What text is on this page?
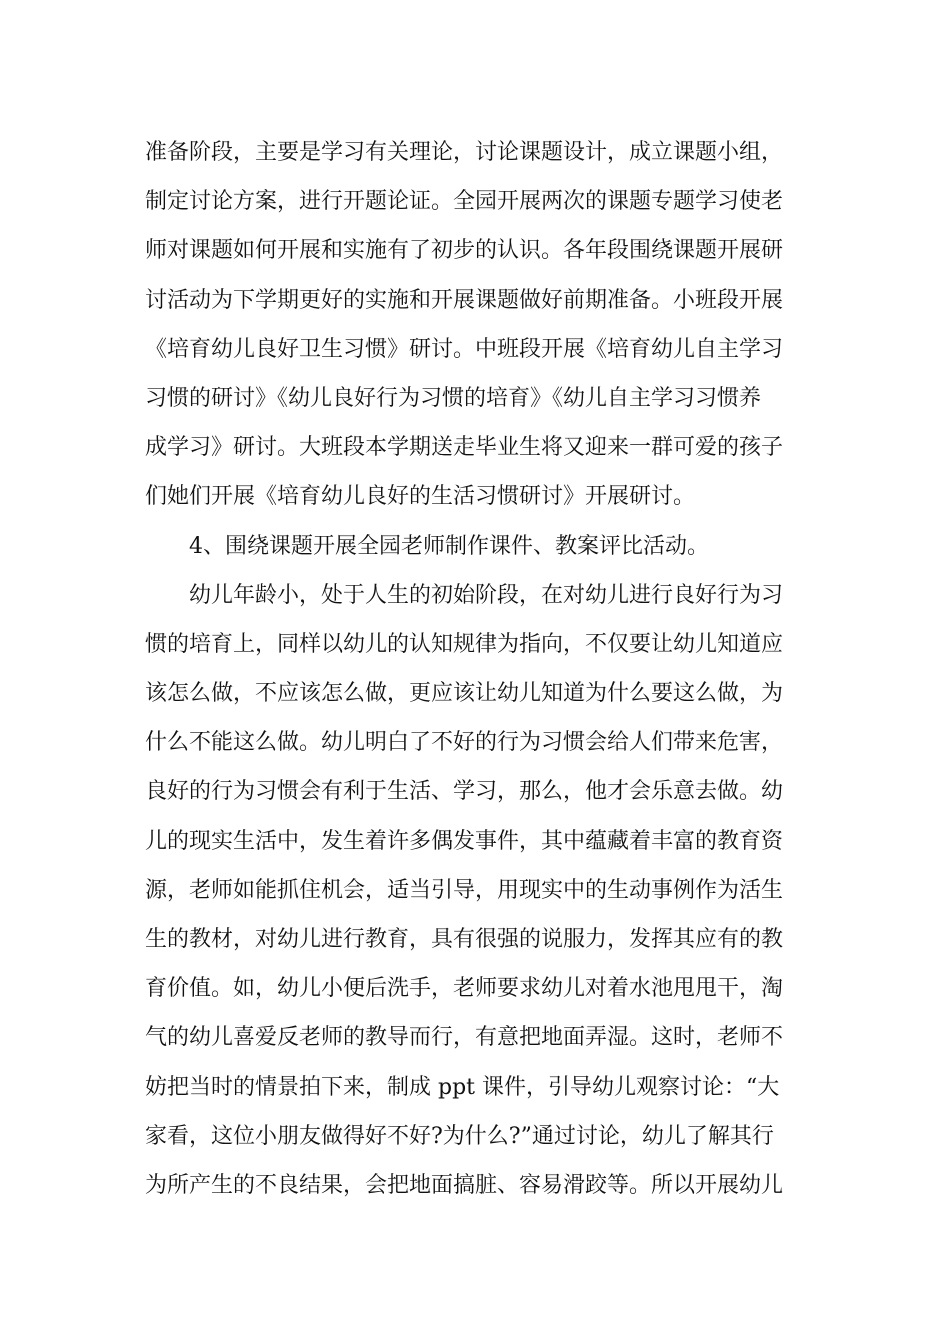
准备阶段，主要是学习有关理论，讨论课题设计，成立课题小组，
制定讨论方案，进行开题论证。全园开展两次的课题专题学习使老
师对课题如何开展和实施有了初步的认识。各年段围绕课题开展研
讨活动为下学期更好的实施和开展课题做好前期准备。小班段开展
《培育幼儿良好卫生习惯》研讨。中班段开展《培育幼儿自主学习
习惯的研讨》《幼儿良好行为习惯的培育》《幼儿自主学习习惯养
成学习》研讨。大班段本学期送走毕业生将又迎来一群可爱的孩子
们她们开展《培育幼儿良好的生活习惯研讨》开展研讨。
4、围绕课题开展全园老师制作课件、教案评比活动。
幼儿年龄小，处于人生的初始阶段，在对幼儿进行良好行为习
惯的培育上，同样以幼儿的认知规律为指向，不仅要让幼儿知道应
该怎么做，不应该怎么做，更应该让幼儿知道为什么要这么做，为
什么不能这么做。幼儿明白了不好的行为习惯会给人们带来危害，
良好的行为习惯会有利于生活、学习，那么，他才会乐意去做。幼
儿的现实生活中，发生着许多偶发事件，其中蕴藏着丰富的教育资
源，老师如能抓住机会，适当引导，用现实中的生动事例作为活生
生的教材，对幼儿进行教育，具有很强的说服力，发挥其应有的教
育价值。如，幼儿小便后洗手，老师要求幼儿对着水池甩甩干，淘
气的幼儿喜爱反老师的教导而行，有意把地面弄湿。这时，老师不
妨把当时的情景拍下来，制成 ppt 课件，引导幼儿观察讨论：“大
家看，这位小朋友做得好不好?为什么?”通过讨论，幼儿了解其行
为所产生的不良结果，会把地面搞脏、容易滑跤等。所以开展幼儿
